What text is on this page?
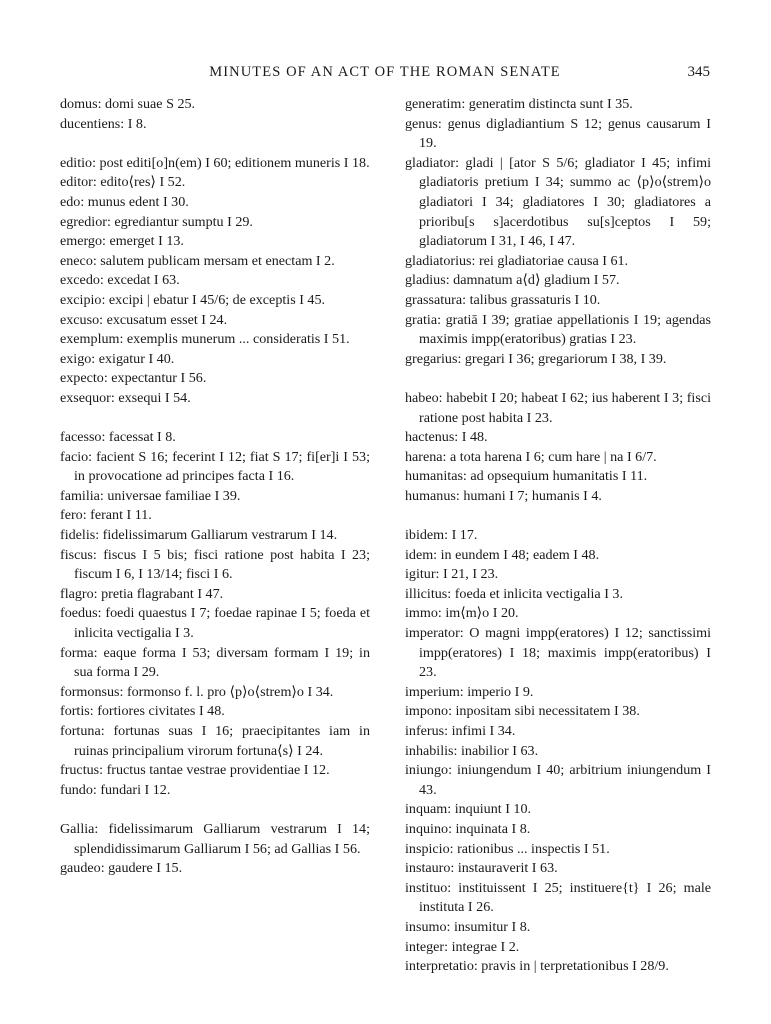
MINUTES OF AN ACT OF THE ROMAN SENATE	345
domus: domi suae S 25.
ducentiens: I 8.
editio: post editi[o]n(em) I 60; editionem muneris I 18.
editor: edito⟨res⟩ I 52.
edo: munus edent I 30.
egredior: egrediantur sumptu I 29.
emergo: emerget I 13.
eneco: salutem publicam mersam et enectam I 2.
excedo: excedat I 63.
excipio: excipi | ebatur I 45/6; de exceptis I 45.
excuso: excusatum esset I 24.
exemplum: exemplis munerum ... consideratis I 51.
exigo: exigatur I 40.
expecto: expectantur I 56.
exsequor: exsequi I 54.
facesso: facessat I 8.
facio: facient S 16; fecerint I 12; fiat S 17; fi[er]i I 53; in provocatione ad principes facta I 16.
familia: universae familiae I 39.
fero: ferant I 11.
fidelis: fidelissimarum Galliarum vestrarum I 14.
fiscus: fiscus I 5 bis; fisci ratione post habita I 23; fiscum I 6, I 13/14; fisci I 6.
flagro: pretia flagrabant I 47.
foedus: foedi quaestus I 7; foedae rapinae I 5; foeda et inlicita vectigalia I 3.
forma: eaque forma I 53; diversam formam I 19; in sua forma I 29.
formonsus: formonso f. l. pro ⟨p⟩o⟨strem⟩o I 34.
fortis: fortiores civitates I 48.
fortuna: fortunas suas I 16; praecipitantes iam in ruinas principalium virorum fortuna⟨s⟩ I 24.
fructus: fructus tantae vestrae providentiae I 12.
fundo: fundari I 12.
Gallia: fidelissimarum Galliarum vestrarum I 14; splendidissimarum Galliarum I 56; ad Gallias I 56.
gaudeo: gaudere I 15.
generatim: generatim distincta sunt I 35.
genus: genus digladiantium S 12; genus causarum I 19.
gladiator: gladi | [ator S 5/6; gladiator I 45; infimi gladiatoris pretium I 34; summo ac ⟨p⟩o⟨strem⟩o gladiatori I 34; gladiatores I 30; gladiatores a prioribu[s s]acerdotibus su[s]ceptos I 59; gladiatorum I 31, I 46, I 47.
gladiatorius: rei gladiatoriae causa I 61.
gladius: damnatum a⟨d⟩ gladium I 57.
grassatura: talibus grassaturis I 10.
gratia: gratiā I 39; gratiae appellationis I 19; agendas maximis impp(eratoribus) gratias I 23.
gregarius: gregari I 36; gregariorum I 38, I 39.
habeo: habebit I 20; habeat I 62; ius haberent I 3; fisci ratione post habita I 23.
hactenus: I 48.
harena: a tota harena I 6; cum hare | na I 6/7.
humanitas: ad opsequium humanitatis I 11.
humanus: humani I 7; humanis I 4.
ibidem: I 17.
idem: in eundem I 48; eadem I 48.
igitur: I 21, I 23.
illicitus: foeda et inlicita vectigalia I 3.
immo: im⟨m⟩o I 20.
imperator: O magni impp(eratores) I 12; sanctissimi impp(eratores) I 18; maximis impp(eratoribus) I 23.
imperium: imperio I 9.
impono: inpositam sibi necessitatem I 38.
inferus: infimi I 34.
inhabilis: inabilior I 63.
iniungo: iniungendum I 40; arbitrium iniungendum I 43.
inquam: inquiunt I 10.
inquino: inquinata I 8.
inspicio: rationibus ... inspectis I 51.
instauro: instauraverit I 63.
instituo: instituissent I 25; instituere{t} I 26; male instituta I 26.
insumo: insumitur I 8.
integer: integrae I 2.
interpretatio: pravis in | terpretationibus I 28/9.
